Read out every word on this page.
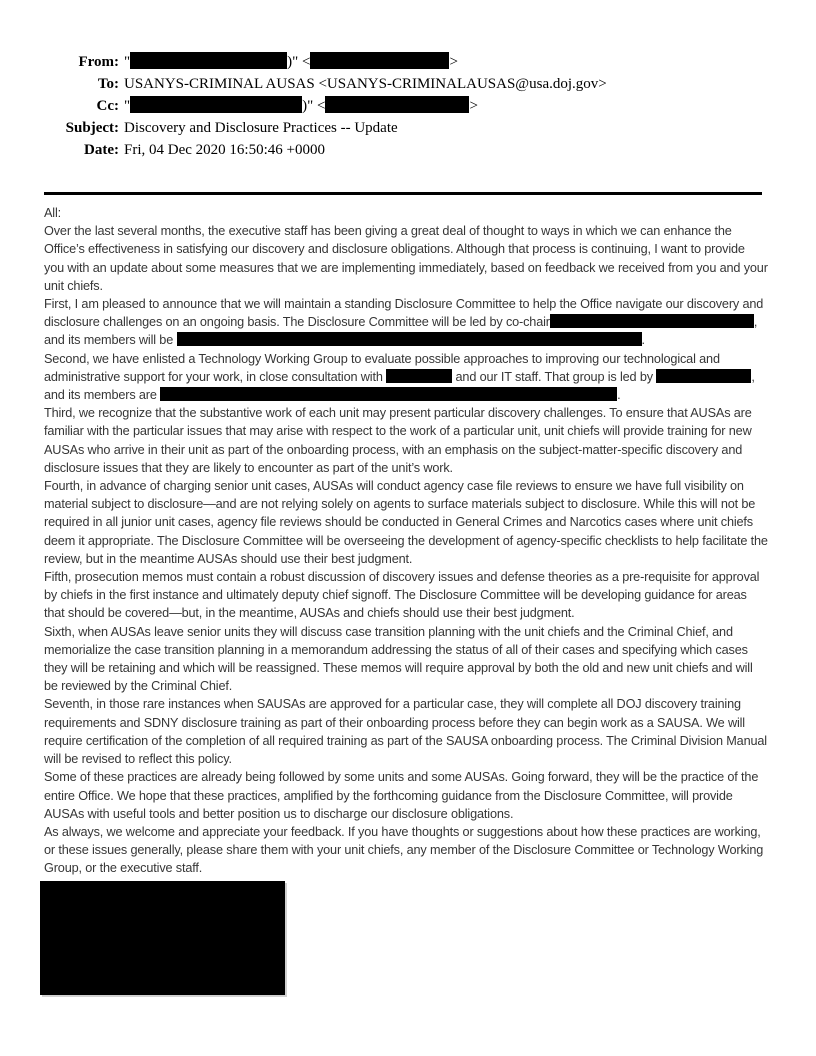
From: "	)" <	>
To: USANYS-CRIMINAL AUSAS <USANYS-CRIMINALAUSAS@usa.doj.gov>
Cc: "	)" <	>
Subject: Discovery and Disclosure Practices -- Update
Date: Fri, 04 Dec 2020 16:50:46 +0000
All:
Over the last several months, the executive staff has been giving a great deal of thought to ways in which we can enhance the Office’s effectiveness in satisfying our discovery and disclosure obligations. Although that process is continuing, I want to provide you with an update about some measures that we are implementing immediately, based on feedback we received from you and your unit chiefs.
First, I am pleased to announce that we will maintain a standing Disclosure Committee to help the Office navigate our discovery and disclosure challenges on an ongoing basis. The Disclosure Committee will be led by co-chair	, and its members will be	.
Second, we have enlisted a Technology Working Group to evaluate possible approaches to improving our technological and administrative support for your work, in close consultation with	and our IT staff. That group is led by	, and its members are	.
Third, we recognize that the substantive work of each unit may present particular discovery challenges. To ensure that AUSAs are familiar with the particular issues that may arise with respect to the work of a particular unit, unit chiefs will provide training for new AUSAs who arrive in their unit as part of the onboarding process, with an emphasis on the subject-matter-specific discovery and disclosure issues that they are likely to encounter as part of the unit’s work.
Fourth, in advance of charging senior unit cases, AUSAs will conduct agency case file reviews to ensure we have full visibility on material subject to disclosure—and are not relying solely on agents to surface materials subject to disclosure. While this will not be required in all junior unit cases, agency file reviews should be conducted in General Crimes and Narcotics cases where unit chiefs deem it appropriate. The Disclosure Committee will be overseeing the development of agency-specific checklists to help facilitate the review, but in the meantime AUSAs should use their best judgment.
Fifth, prosecution memos must contain a robust discussion of discovery issues and defense theories as a pre-requisite for approval by chiefs in the first instance and ultimately deputy chief signoff. The Disclosure Committee will be developing guidance for areas that should be covered—but, in the meantime, AUSAs and chiefs should use their best judgment.
Sixth, when AUSAs leave senior units they will discuss case transition planning with the unit chiefs and the Criminal Chief, and memorialize the case transition planning in a memorandum addressing the status of all of their cases and specifying which cases they will be retaining and which will be reassigned. These memos will require approval by both the old and new unit chiefs and will be reviewed by the Criminal Chief.
Seventh, in those rare instances when SAUSAs are approved for a particular case, they will complete all DOJ discovery training requirements and SDNY disclosure training as part of their onboarding process before they can begin work as a SAUSA. We will require certification of the completion of all required training as part of the SAUSA onboarding process. The Criminal Division Manual will be revised to reflect this policy.
Some of these practices are already being followed by some units and some AUSAs. Going forward, they will be the practice of the entire Office. We hope that these practices, amplified by the forthcoming guidance from the Disclosure Committee, will provide AUSAs with useful tools and better position us to discharge our disclosure obligations.
As always, we welcome and appreciate your feedback. If you have thoughts or suggestions about how these practices are working, or these issues generally, please share them with your unit chiefs, any member of the Disclosure Committee or Technology Working Group, or the executive staff.
